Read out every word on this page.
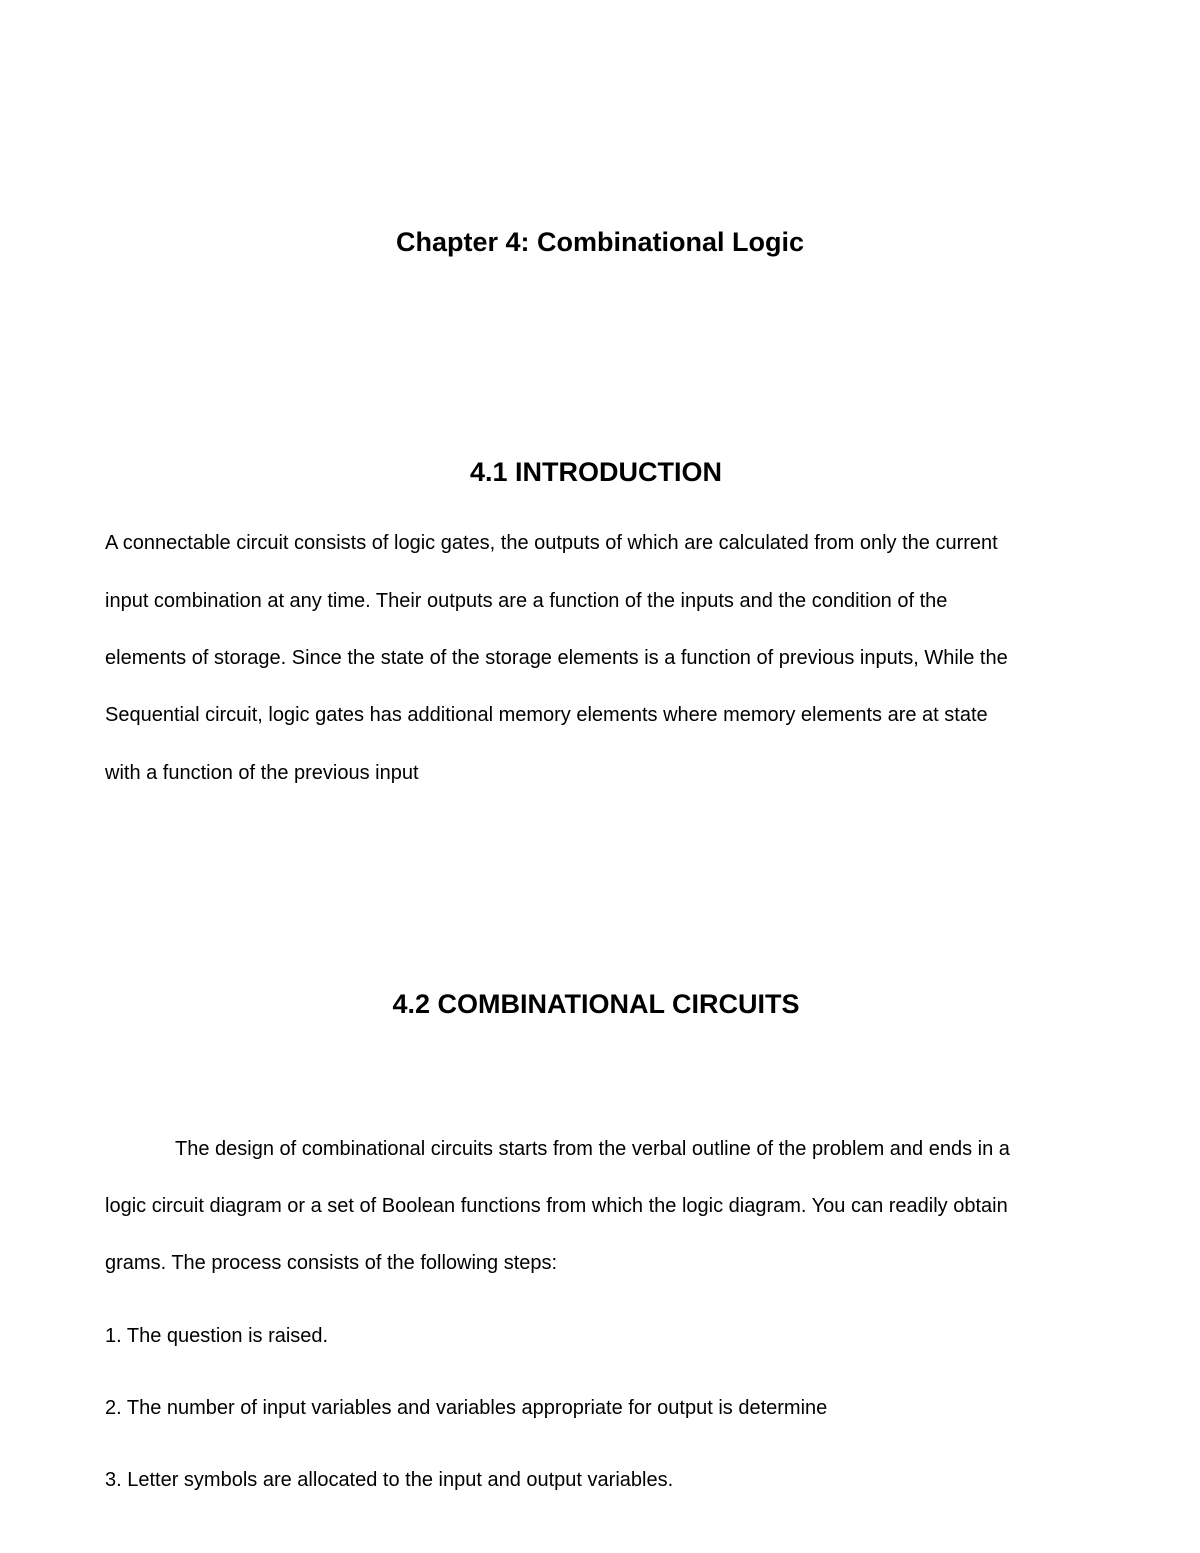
Chapter 4: Combinational Logic
4.1 INTRODUCTION

A connectable circuit consists of logic gates, the outputs of which are calculated from only the current

input combination at any time. Their outputs are a function of the inputs and the condition of the

elements of storage. Since the state of the storage elements is a function of previous inputs, While the

Sequential circuit, logic gates has additional memory elements where memory elements are at state

with a function of the previous input

4.2 COMBINATIONAL CIRCUITS

The design of combinational circuits starts from the verbal outline of the problem and ends in a

logic circuit diagram or a set of Boolean functions from which the logic diagram. You can readily obtain

grams. The process consists of the following steps:

1. The question is raised.

2. The number of input variables and variables appropriate for output is determine

3. Letter symbols are allocated to the input and output variables.
